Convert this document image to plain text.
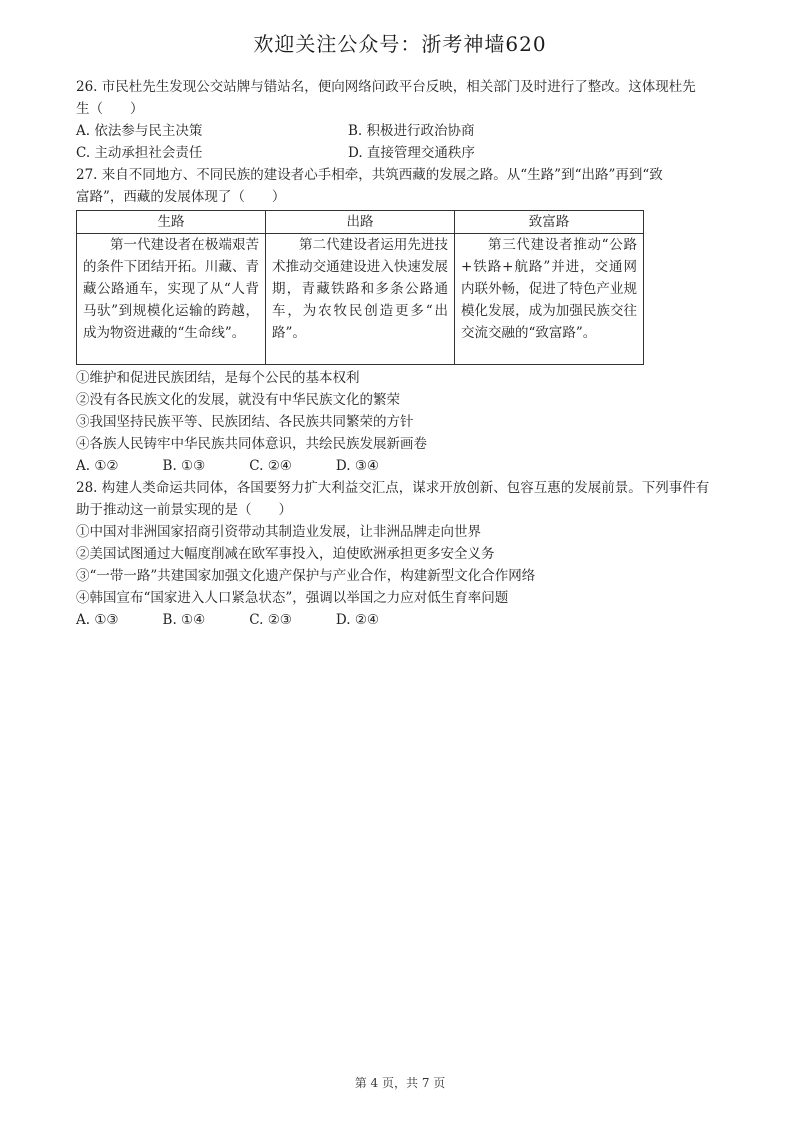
欢迎关注公众号：浙考神墙620
26. 市民杜先生发现公交站牌与错站名，便向网络问政平台反映，相关部门及时进行了整改。这体现杜先
生（　　）
A. 依法参与民主决策	B. 积极进行政治协商
C. 主动承担社会责任	D. 直接管理交通秩序
27. 来自不同地方、不同民族的建设者心手相牵，共筑西藏的发展之路。从“生路”到“出路”再到“致
富路”，西藏的发展体现了（　　）
生路	出路	致富路
第一代建设者在极端艰苦的条件下团结开拓。川藏、青藏公路通车，实现了从“人背马驮”到规模化运输的跨越，成为物资进藏的“生命线”。	第二代建设者运用先进技术推动交通建设进入快速发展期，青藏铁路和多条公路通车，为农牧民创造更多“出路”。	第三代建设者推动“公路+铁路+航路”并进，交通网内联外畅，促进了特色产业规模化发展，成为加强民族交往交流交融的“致富路”。
①维护和促进民族团结，是每个公民的基本权利
②没有各民族文化的发展，就没有中华民族文化的繁荣
③我国坚持民族平等、民族团结、各民族共同繁荣的方针
④各族人民铸牢中华民族共同体意识，共绘民族发展新画卷
A. ①②	B. ①③	C. ②④	D. ③④
28. 构建人类命运共同体，各国要努力扩大利益交汇点，谋求开放创新、包容互惠的发展前景。下列事件有
助于推动这一前景实现的是（　　）
①中国对非洲国家招商引资带动其制造业发展，让非洲品牌走向世界
②美国试图通过大幅度削减在欧军事投入，迫使欧洲承担更多安全义务
③“一带一路”共建国家加强文化遗产保护与产业合作，构建新型文化合作网络
④韩国宣布“国家进入人口紧急状态”，强调以举国之力应对低生育率问题
A. ①③	B. ①④	C. ②③	D. ②④
第 4 页，共 7 页
